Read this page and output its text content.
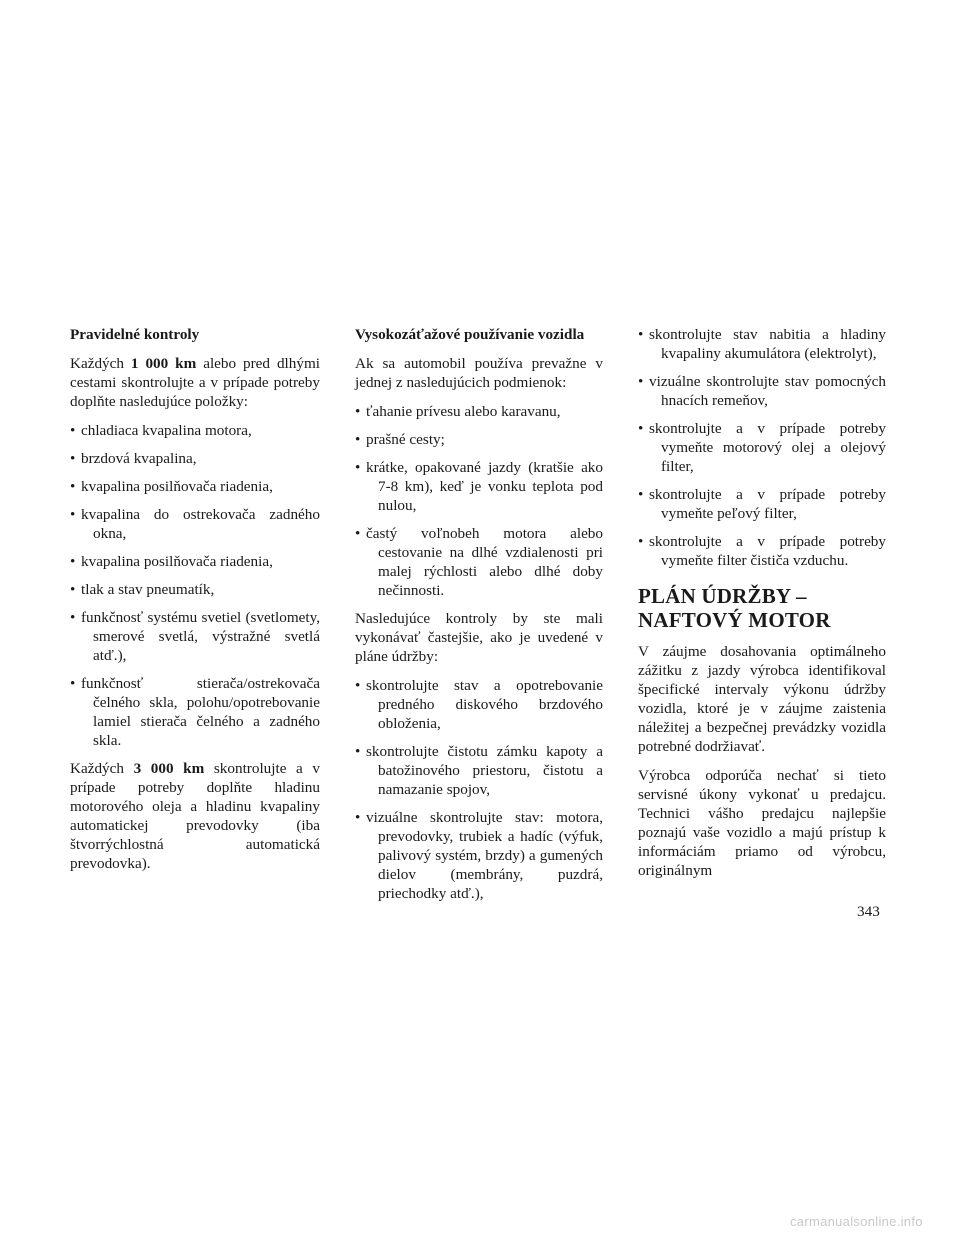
Pravidelné kontroly

Každých 1 000 km alebo pred dlhými cestami skontrolujte a v prípade potreby doplňte nasledujúce položky:

• chladiaca kvapalina motora,
• brzdová kvapalina,
• kvapalina posilňovača riadenia,
• kvapalina do ostrekovača zadného okna,
• kvapalina posilňovača riadenia,
• tlak a stav pneumatík,
• funkčnosť systému svetiel (svetlomety, smerové svetlá, výstražné svetlá atď.),
• funkčnosť stierača/ostrekovača čelného skla, polohu/opotrebovanie lamiel stierača čelného a zadného skla.

Každých 3 000 km skontrolujte a v prípade potreby doplňte hladinu motorového oleja a hladinu kvapaliny automatickej prevodovky (iba štvorrýchlostná automatická prevodovka).

Vysokozáťažové používanie vozidla

Ak sa automobil používa prevažne v jednej z nasledujúcich podmienok:

• ťahanie prívesu alebo karavanu,
• prašné cesty;
• krátke, opakované jazdy (kratšie ako 7-8 km), keď je vonku teplota pod nulou,
• častý voľnobeh motora alebo cestovanie na dlhé vzdialenosti pri malej rýchlosti alebo dlhé doby nečinnosti.

Nasledujúce kontroly by ste mali vykonávať častejšie, ako je uvedené v pláne údržby:

• skontrolujte stav a opotrebovanie predného diskového brzdového obloženia,
• skontrolujte čistotu zámku kapoty a batožinového priestoru, čistotu a namazanie spojov,
• vizuálne skontrolujte stav: motora, prevodovky, trubiek a hadíc (výfuk, palivový systém, brzdy) a gumených dielov (membrány, puzdrá, priechodky atď.),
• skontrolujte stav nabitia a hladiny kvapaliny akumulátora (elektrolyt),
• vizuálne skontrolujte stav pomocných hnacích remeňov,
• skontrolujte a v prípade potreby vymeňte motorový olej a olejový filter,
• skontrolujte a v prípade potreby vymeňte peľový filter,
• skontrolujte a v prípade potreby vymeňte filter čističa vzduchu.
PLÁN ÚDRŽBY –
NAFTOVÝ MOTOR

V záujme dosahovania optimálneho zážitku z jazdy výrobca identifikoval špecifické intervaly výkonu údržby vozidla, ktoré je v záujme zaistenia náležitej a bezpečnej prevádzky vozidla potrebné dodržiavať.

Výrobca odporúča nechať si tieto servisné úkony vykonať u predajcu. Technici vášho predajcu najlepšie poznajú vaše vozidlo a majú prístup k informáciám priamo od výrobcu, originálnym

343
carmanualsonline.info
